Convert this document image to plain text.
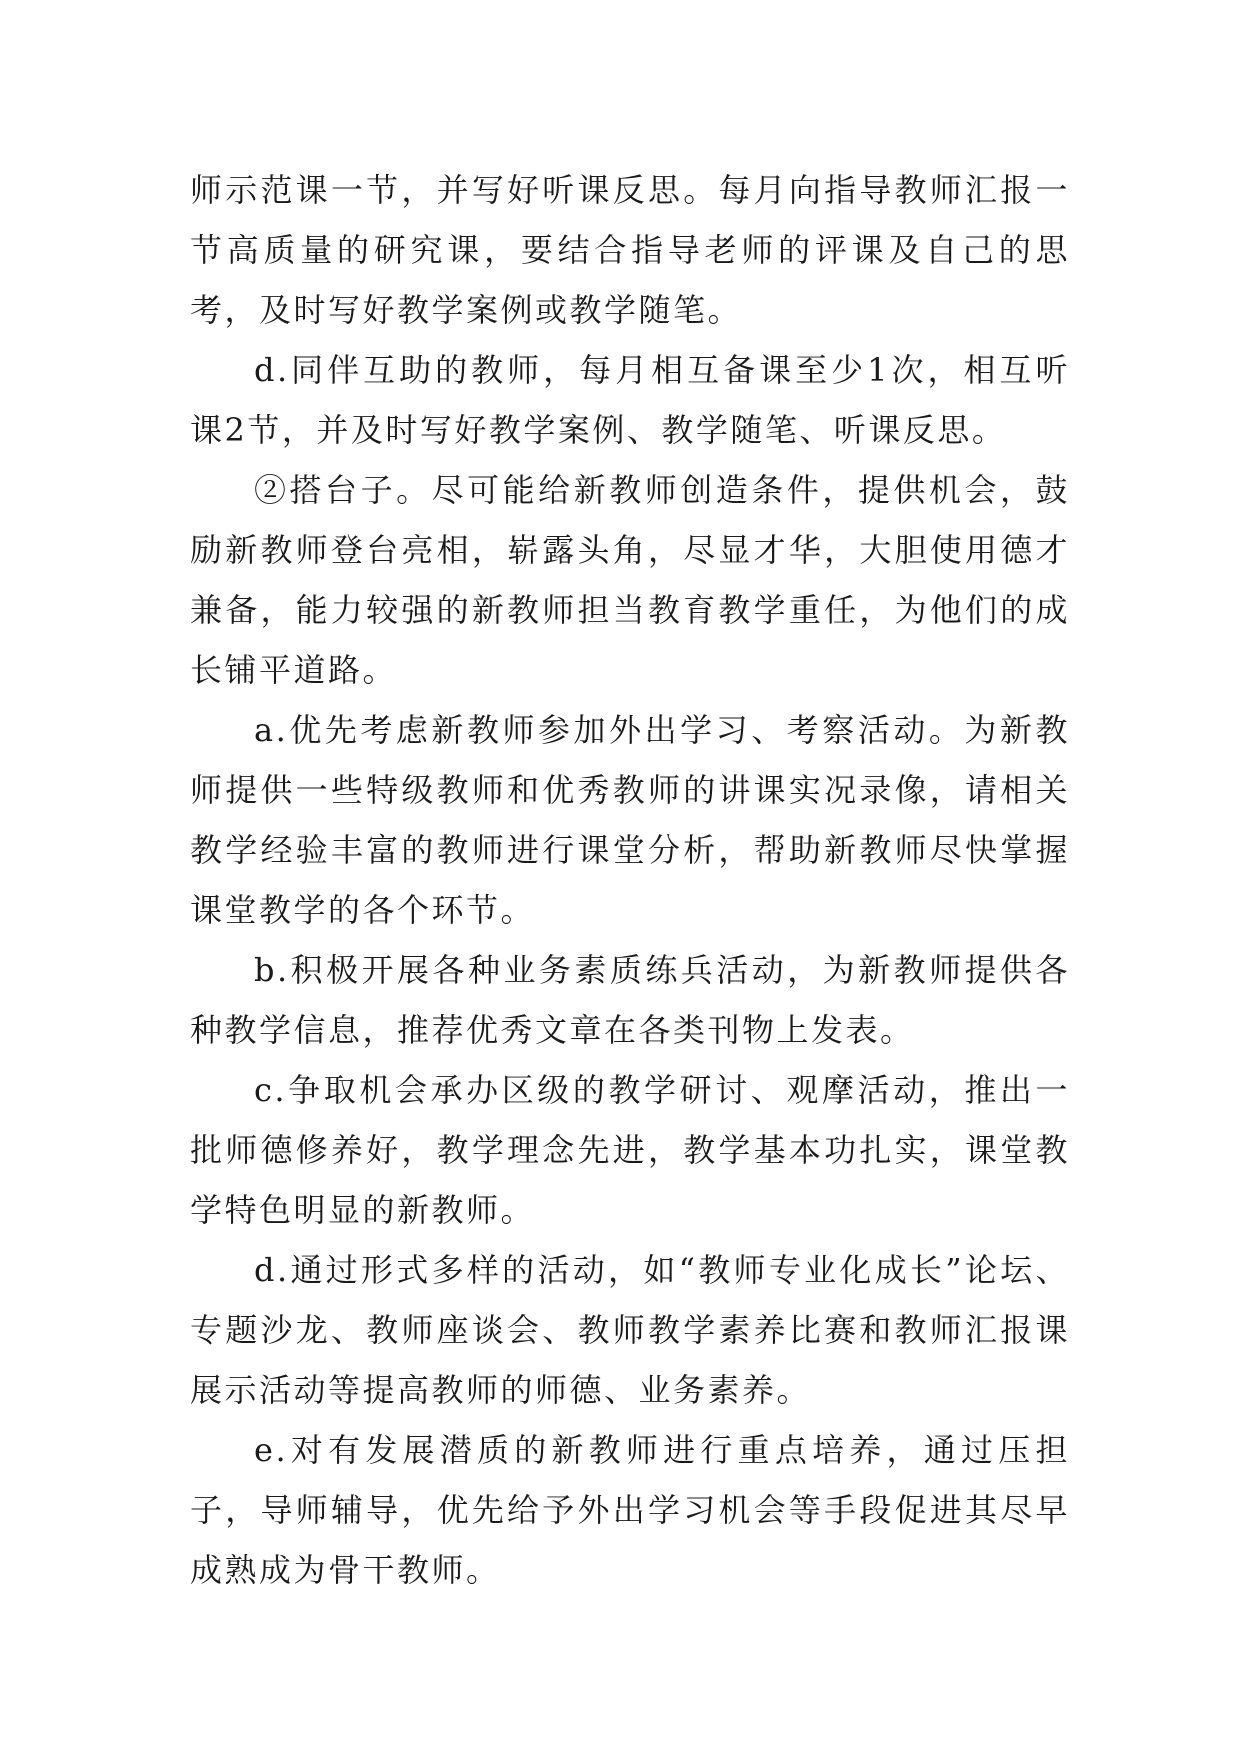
师示范课一节，并写好听课反思。每月向指导教师汇报一节高质量的研究课，要结合指导老师的评课及自己的思考，及时写好教学案例或教学随笔。

d.同伴互助的教师，每月相互备课至少1次，相互听课2节，并及时写好教学案例、教学随笔、听课反思。

②搭台子。尽可能给新教师创造条件，提供机会，鼓励新教师登台亮相，崭露头角，尽显才华，大胆使用德才兼备，能力较强的新教师担当教育教学重任，为他们的成长铺平道路。

a.优先考虑新教师参加外出学习、考察活动。为新教师提供一些特级教师和优秀教师的讲课实况录像，请相关教学经验丰富的教师进行课堂分析，帮助新教师尽快掌握课堂教学的各个环节。

b.积极开展各种业务素质练兵活动，为新教师提供各种教学信息，推荐优秀文章在各类刊物上发表。

c.争取机会承办区级的教学研讨、观摩活动，推出一批师德修养好，教学理念先进，教学基本功扎实，课堂教学特色明显的新教师。

d.通过形式多样的活动，如“教师专业化成长”论坛、专题沙龙、教师座谈会、教师教学素养比赛和教师汇报课展示活动等提高教师的师德、业务素养。

e.对有发展潜质的新教师进行重点培养，通过压担子，导师辅导，优先给予外出学习机会等手段促进其尽早成熟成为骨干教师。
